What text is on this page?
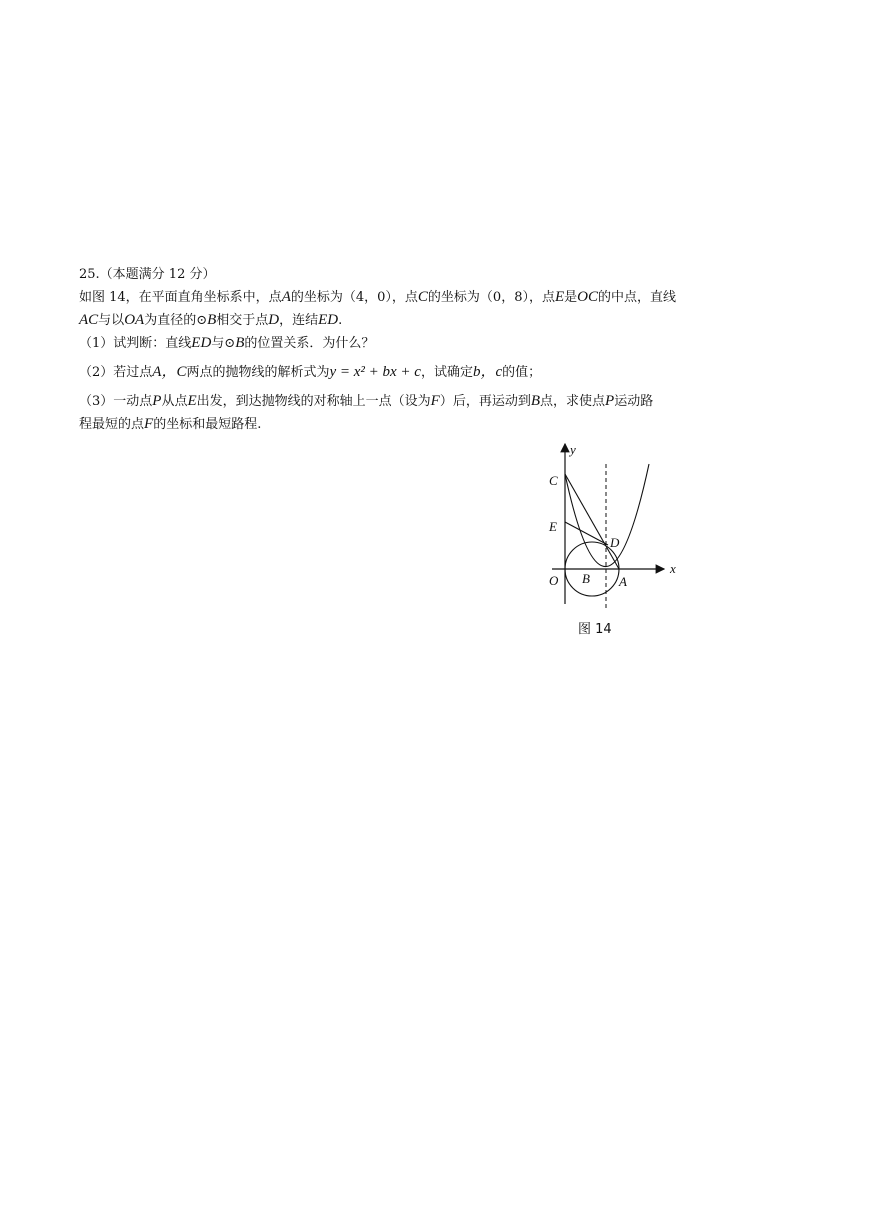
25.（本题满分 12 分）
如图 14，在平面直角坐标系中，点A的坐标为（4，0），点C的坐标为（0，8），点E是OC的中点，直线
AC与以OA为直径的⊙B相交于点D，连结ED.
（1）试判断：直线ED与⊙B的位置关系．为什么？
（2）若过点A，C两点的抛物线的解析式为y = x² + bx + c，试确定b，c的值；
（3）一动点P从点E出发，到达抛物线的对称轴上一点（设为F）后，再运动到B点，求使点P运动路
程最短的点F的坐标和最短路程.
y
x
C
E
D
O B A
图 14
